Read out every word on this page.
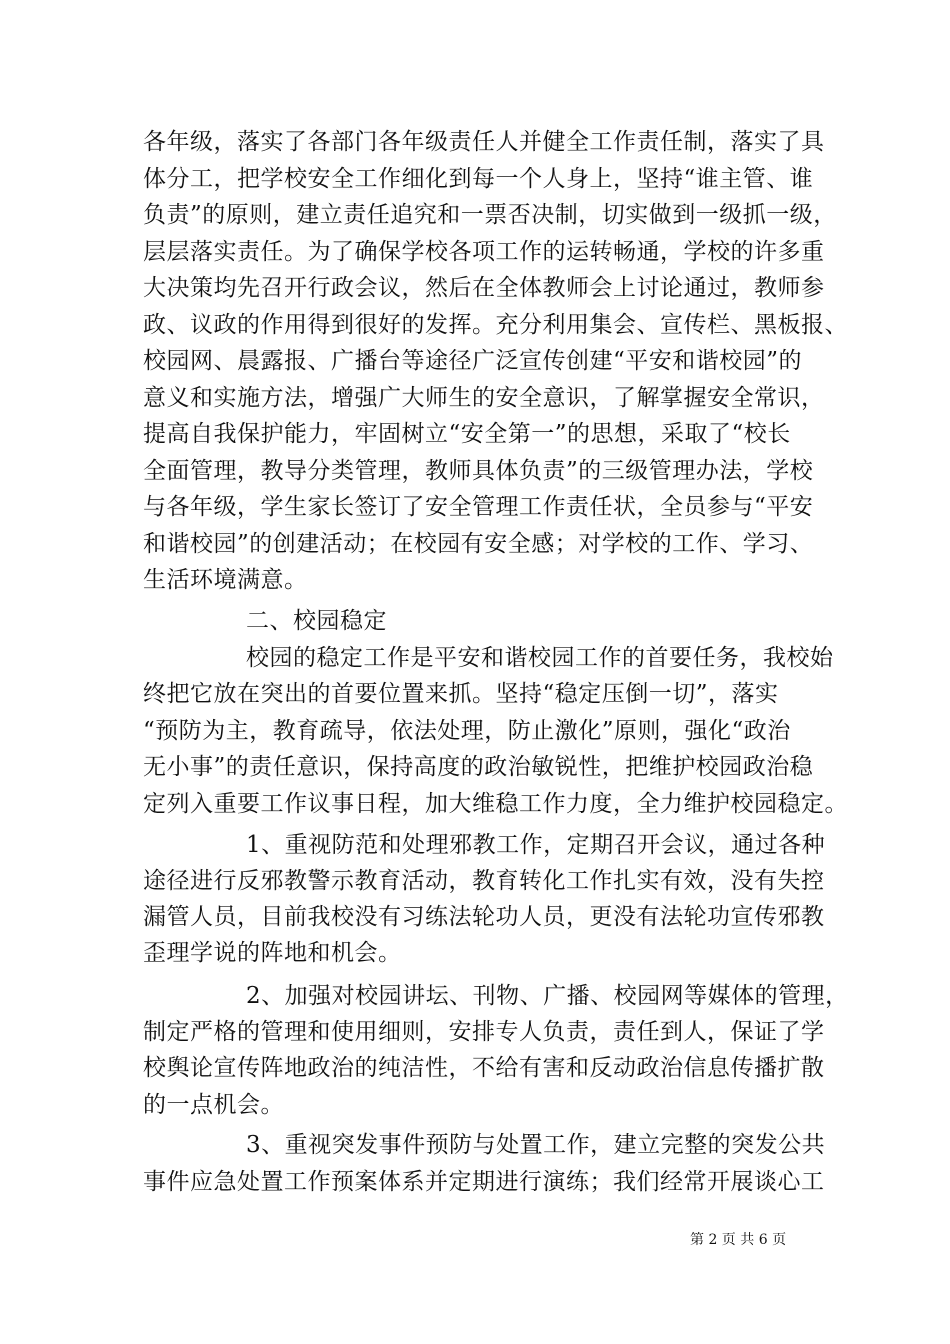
各年级，落实了各部门各年级责任人并健全工作责任制，落实了具
体分工，把学校安全工作细化到每一个人身上，坚持“谁主管、谁
负责”的原则，建立责任追究和一票否决制，切实做到一级抓一级，
层层落实责任。为了确保学校各项工作的运转畅通，学校的许多重
大决策均先召开行政会议，然后在全体教师会上讨论通过，教师参
政、议政的作用得到很好的发挥。充分利用集会、宣传栏、黑板报、
校园网、晨露报、广播台等途径广泛宣传创建“平安和谐校园”的
意义和实施方法，增强广大师生的安全意识，了解掌握安全常识，
提高自我保护能力，牢固树立“安全第一”的思想，采取了“校长
全面管理，教导分类管理，教师具体负责”的三级管理办法，学校
与各年级，学生家长签订了安全管理工作责任状，全员参与“平安
和谐校园”的创建活动；在校园有安全感；对学校的工作、学习、
生活环境满意。
二、校园稳定
校园的稳定工作是平安和谐校园工作的首要任务，我校始
终把它放在突出的首要位置来抓。坚持“稳定压倒一切”，落实
“预防为主，教育疏导，依法处理，防止激化”原则，强化“政治
无小事”的责任意识，保持高度的政治敏锐性，把维护校园政治稳
定列入重要工作议事日程，加大维稳工作力度，全力维护校园稳定。
1、重视防范和处理邪教工作，定期召开会议，通过各种
途径进行反邪教警示教育活动，教育转化工作扎实有效，没有失控
漏管人员，目前我校没有习练法轮功人员，更没有法轮功宣传邪教
歪理学说的阵地和机会。
2、加强对校园讲坛、刊物、广播、校园网等媒体的管理，
制定严格的管理和使用细则，安排专人负责，责任到人，保证了学
校舆论宣传阵地政治的纯洁性，不给有害和反动政治信息传播扩散
的一点机会。
3、重视突发事件预防与处置工作，建立完整的突发公共
事件应急处置工作预案体系并定期进行演练；我们经常开展谈心工
第 2 页 共 6 页
